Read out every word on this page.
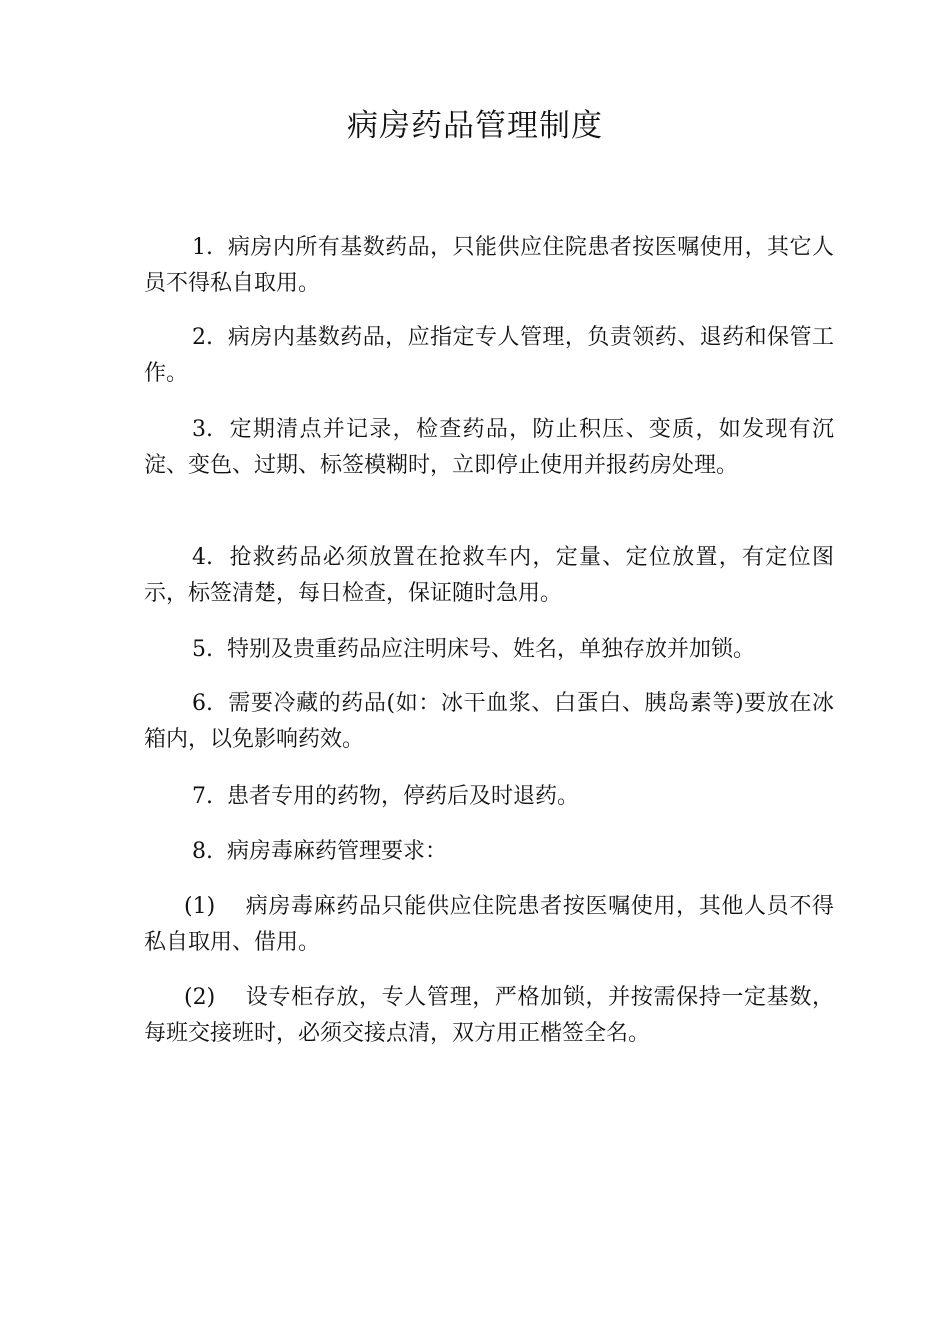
病房药品管理制度

1. 病房内所有基数药品，只能供应住院患者按医嘱使用，其它人员不得私自取用。

2. 病房内基数药品，应指定专人管理，负责领药、退药和保管工作。

3. 定期清点并记录，检查药品，防止积压、变质，如发现有沉淀、变色、过期、标签模糊时，立即停止使用并报药房处理。

4. 抢救药品必须放置在抢救车内，定量、定位放置，有定位图示，标签清楚，每日检查，保证随时急用。

5. 特别及贵重药品应注明床号、姓名，单独存放并加锁。

6. 需要冷藏的药品(如：冰干血浆、白蛋白、胰岛素等)要放在冰箱内，以免影响药效。

7. 患者专用的药物，停药后及时退药。

8. 病房毒麻药管理要求：

(1) 病房毒麻药品只能供应住院患者按医嘱使用，其他人员不得私自取用、借用。

(2) 设专柜存放，专人管理，严格加锁，并按需保持一定基数，每班交接班时，必须交接点清，双方用正楷签全名。
